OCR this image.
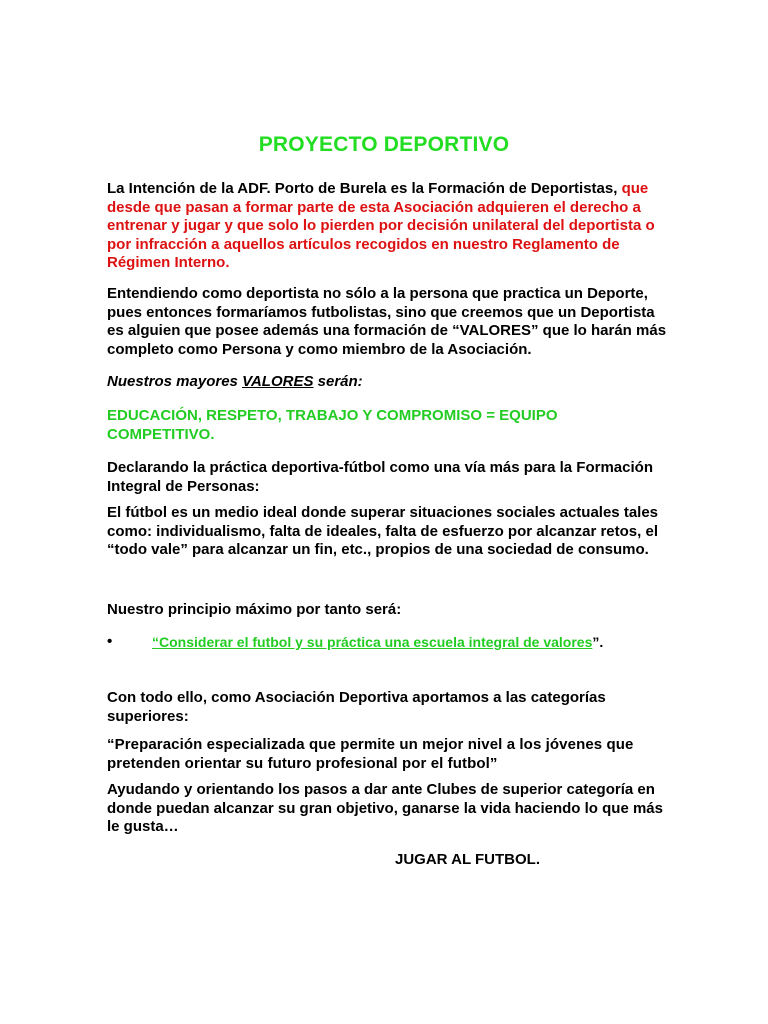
PROYECTO DEPORTIVO

La Intención de la ADF. Porto de Burela es la Formación de Deportistas, que desde que pasan a formar parte de esta Asociación adquieren el derecho a entrenar y jugar y que solo lo pierden por decisión unilateral del deportista o por infracción a aquellos artículos recogidos en nuestro Reglamento de Régimen Interno.

Entendiendo como deportista no sólo a la persona que practica un Deporte, pues entonces formaríamos futbolistas, sino que creemos que un Deportista es alguien que posee además una formación de “VALORES” que lo harán más completo como Persona y como miembro de la Asociación.

Nuestros mayores VALORES serán:

EDUCACIÓN, RESPETO, TRABAJO Y COMPROMISO = EQUIPO COMPETITIVO.

Declarando la práctica deportiva-fútbol como una vía más para la Formación Integral de Personas:

El fútbol es un medio ideal donde superar situaciones sociales actuales tales como: individualismo, falta de ideales, falta de esfuerzo por alcanzar retos, el “todo vale” para alcanzar un fin, etc., propios de una sociedad de consumo.

Nuestro principio máximo por tanto será:

•	“Considerar el futbol y su práctica una escuela integral de valores”.

Con todo ello, como Asociación Deportiva aportamos a las categorías superiores:

“Preparación especializada que permite un mejor nivel a los jóvenes que pretenden orientar su futuro profesional por el futbol”

Ayudando y orientando los pasos a dar ante Clubes de superior categoría en donde puedan alcanzar su gran objetivo, ganarse la vida haciendo lo que más le gusta…

JUGAR AL FUTBOL.
